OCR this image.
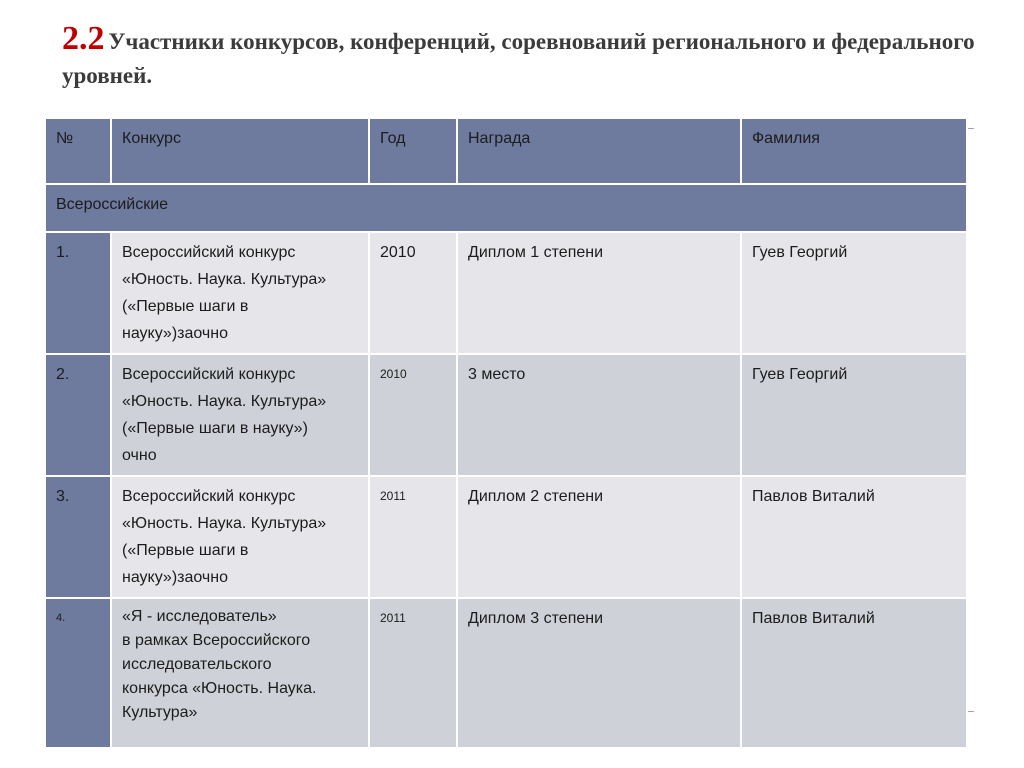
2.2 Участники конкурсов, конференций, соревнований регионального и федерального уровней.
№	Конкурс	Год	Награда	Фамилия
Всероссийские				
1.	Всероссийский конкурс
«Юность. Наука. Культура»
(«Первые шаги в
науку»)заочно	2010	Диплом 1 степени	Гуев Георгий
2.	Всероссийский конкурс
«Юность. Наука. Культура»
(«Первые шаги в науку»)
очно	2010	3 место	Гуев Георгий
3.	Всероссийский конкурс
«Юность. Наука. Культура»
(«Первые шаги в
науку»)заочно	2011	Диплом 2 степени	Павлов Виталий
4.	«Я - исследователь»
в рамках Всероссийского
исследовательского
конкурса «Юность. Наука.
Культура»	2011	Диплом 3 степени	Павлов Виталий
